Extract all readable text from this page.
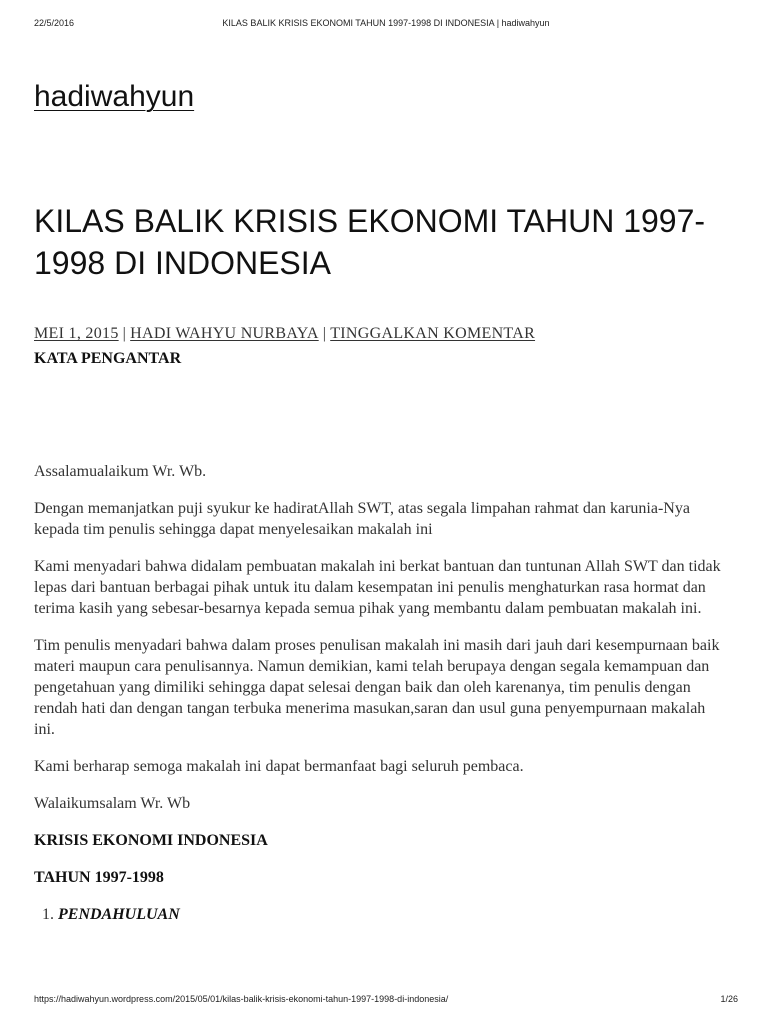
22/5/2016	KILAS BALIK KRISIS EKONOMI TAHUN 1997-1998 DI INDONESIA | hadiwahyun
hadiwahyun
KILAS BALIK KRISIS EKONOMI TAHUN 1997-1998 DI INDONESIA
MEI 1, 2015 | HADI WAHYU NURBAYA | TINGGALKAN KOMENTAR

KATA PENGANTAR

Assalamualaikum Wr. Wb.

Dengan memanjatkan puji syukur ke hadiratAllah SWT, atas segala limpahan rahmat dan karunia-Nya kepada tim penulis sehingga dapat menyelesaikan makalah ini

Kami menyadari bahwa didalam pembuatan makalah ini berkat bantuan dan tuntunan Allah SWT dan tidak lepas dari bantuan berbagai pihak untuk itu dalam kesempatan ini penulis menghaturkan rasa hormat dan terima kasih yang sebesar-besarnya kepada semua pihak yang membantu dalam pembuatan makalah ini.

Tim penulis menyadari bahwa dalam proses penulisan makalah ini masih dari jauh dari kesempurnaan baik materi maupun cara penulisannya. Namun demikian, kami telah berupaya dengan segala kemampuan dan pengetahuan yang dimiliki sehingga dapat selesai dengan baik dan oleh karenanya, tim penulis dengan rendah hati dan dengan tangan terbuka menerima masukan,saran dan usul guna penyempurnaan makalah ini.

Kami berharap semoga makalah ini dapat bermanfaat bagi seluruh pembaca.

Walaikumsalam Wr. Wb

KRISIS EKONOMI INDONESIA

TAHUN 1997-1998

1. PENDAHULUAN
https://hadiwahyun.wordpress.com/2015/05/01/kilas-balik-krisis-ekonomi-tahun-1997-1998-di-indonesia/	1/26
